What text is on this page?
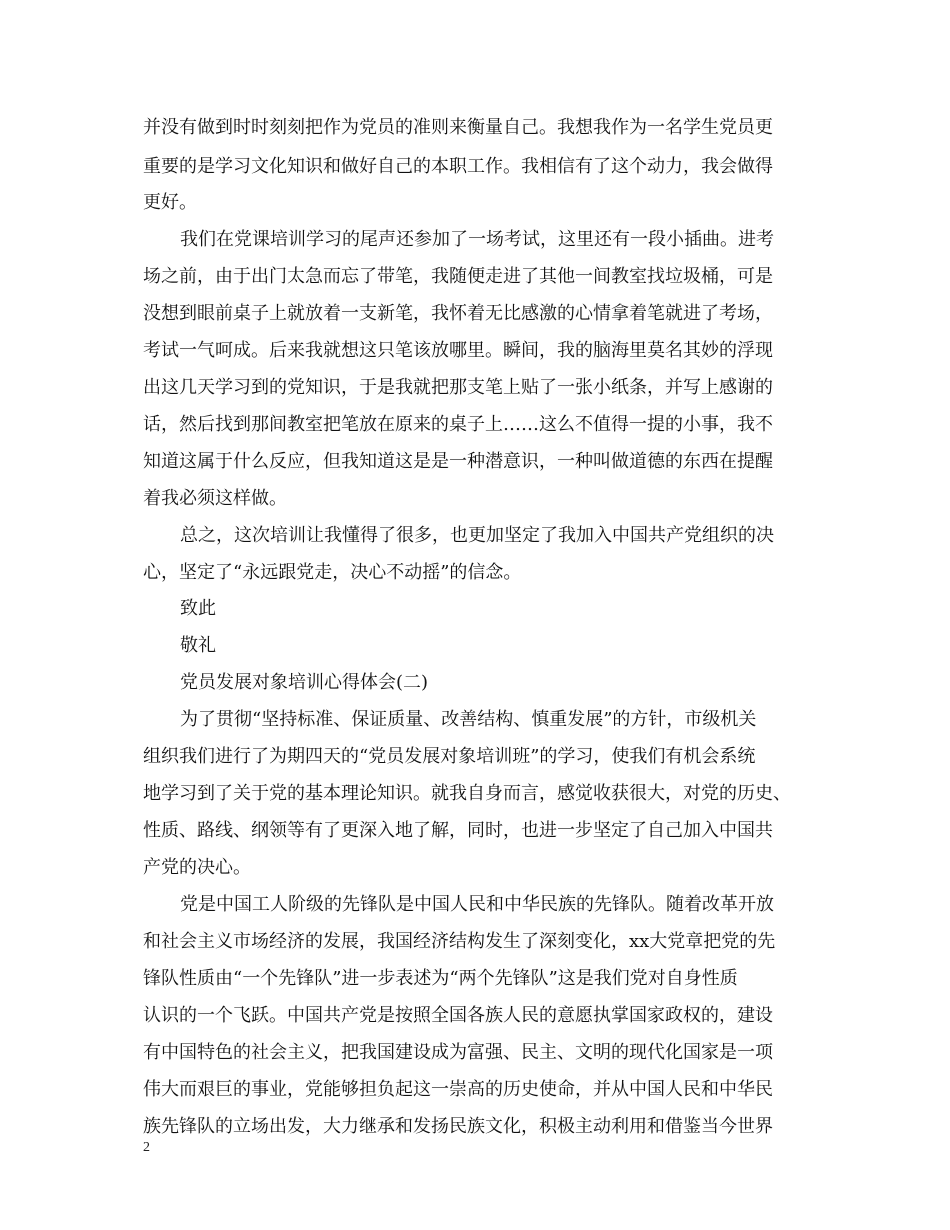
并没有做到时时刻刻把作为党员的准则来衡量自己。我想我作为一名学生党员更
重要的是学习文化知识和做好自己的本职工作。我相信有了这个动力，我会做得
更好。
我们在党课培训学习的尾声还参加了一场考试，这里还有一段小插曲。进考
场之前，由于出门太急而忘了带笔，我随便走进了其他一间教室找垃圾桶，可是
没想到眼前桌子上就放着一支新笔，我怀着无比感激的心情拿着笔就进了考场，
考试一气呵成。后来我就想这只笔该放哪里。瞬间，我的脑海里莫名其妙的浮现
出这几天学习到的党知识，于是我就把那支笔上贴了一张小纸条，并写上感谢的
话，然后找到那间教室把笔放在原来的桌子上……这么不值得一提的小事，我不
知道这属于什么反应，但我知道这是是一种潜意识，一种叫做道德的东西在提醒
着我必须这样做。
总之，这次培训让我懂得了很多，也更加坚定了我加入中国共产党组织的决
心，坚定了“永远跟党走，决心不动摇”的信念。
致此
敬礼
党员发展对象培训心得体会(二)
为了贯彻“坚持标准、保证质量、改善结构、慎重发展”的方针，市级机关
组织我们进行了为期四天的“党员发展对象培训班”的学习，使我们有机会系统
地学习到了关于党的基本理论知识。就我自身而言，感觉收获很大，对党的历史、
性质、路线、纲领等有了更深入地了解，同时，也进一步坚定了自己加入中国共
产党的决心。
党是中国工人阶级的先锋队是中国人民和中华民族的先锋队。随着改革开放
和社会主义市场经济的发展，我国经济结构发生了深刻变化，xx大党章把党的先
锋队性质由“一个先锋队”进一步表述为“两个先锋队”这是我们党对自身性质
认识的一个飞跃。中国共产党是按照全国各族人民的意愿执掌国家政权的，建设
有中国特色的社会主义，把我国建设成为富强、民主、文明的现代化国家是一项
伟大而艰巨的事业，党能够担负起这一崇高的历史使命，并从中国人民和中华民
族先锋队的立场出发，大力继承和发扬民族文化，积极主动利用和借鉴当今世界
2
